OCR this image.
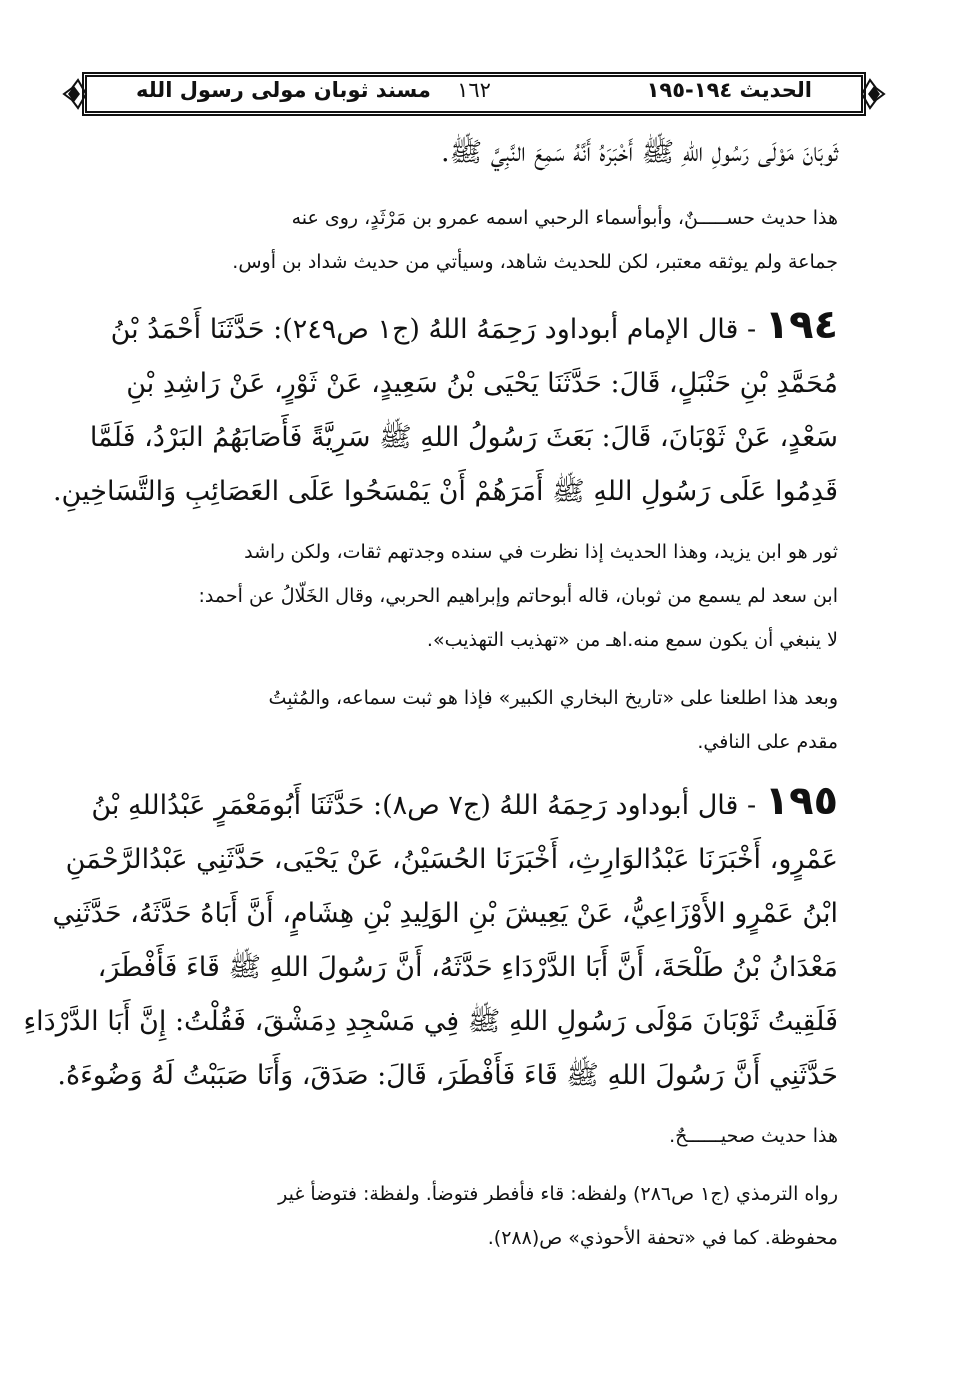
الحديث ١٩٤-١٩٥
١٦٢
مسند ثوبان مولى رسول الله
ثَوبَانَ مَوْلَى رَسُولِ اللهِ ﷺ أَخْبَرَهُ أَنَّهُ سَمِعَ النَّبِيَّ ﷺ.
هذا حديث حســـــنٌ، وأبوأسماء الرحبي اسمه عمرو بن مَرْثَدٍ، روى عنه
جماعة ولم يوثقه معتبر، لكن للحديث شاهد، وسيأتي من حديث شداد بن أوس.
١٩٤ - قال الإمام أبوداود رَحِمَهُ اللهُ (ج١ ص٢٤٩): حَدَّثَنَا أَحْمَدُ بْنُ
مُحَمَّدِ بْنِ حَنْبَلٍ، قَالَ: حَدَّثَنَا يَحْيَى بْنُ سَعِيدٍ، عَنْ ثَوْرٍ، عَنْ رَاشِدِ بْنِ
سَعْدٍ، عَنْ ثَوْبَانَ، قَالَ: بَعَثَ رَسُولُ اللهِ ﷺ سَرِيَّةً فَأَصَابَهُمُ البَرْدُ، فَلَمَّا
قَدِمُوا عَلَى رَسُولِ اللهِ ﷺ أَمَرَهُمْ أَنْ يَمْسَحُوا عَلَى العَصَائِبِ وَالتَّسَاخِينِ.
ثور هو ابن يزيد، وهذا الحديث إذا نظرت في سنده وجدتهم ثقات، ولكن راشد
ابن سعد لم يسمع من ثوبان، قاله أبوحاتم وإبراهيم الحربي، وقال الخَلّالُ عن أحمد:
لا ينبغي أن يكون سمع منه.اهـ من «تهذيب التهذيب».
وبعد هذا اطلعنا على «تاريخ البخاري الكبير» فإذا هو ثبت سماعه، والمُثبِتُ
مقدم على النافي.
١٩٥ - قال أبوداود رَحِمَهُ اللهُ (ج٧ ص٨): حَدَّثَنَا أَبُومَعْمَرٍ عَبْدُاللهِ بْنُ
عَمْرٍو، أَخْبَرَنَا عَبْدُالوَارِثِ، أَخْبَرَنَا الحُسَيْنُ، عَنْ يَحْيَى، حَدَّثَنِي عَبْدُالرَّحْمَنِ
ابْنُ عَمْرٍو الأَوْزَاعِيُّ، عَنْ يَعِيشَ بْنِ الوَلِيدِ بْنِ هِشَامٍ، أَنَّ أَبَاهُ حَدَّثَهُ، حَدَّثَنِي
مَعْدَانُ بْنُ طَلْحَةَ، أَنَّ أَبَا الدَّرْدَاءِ حَدَّثَهُ، أَنَّ رَسُولَ اللهِ ﷺ قَاءَ فَأَفْطَرَ،
فَلَقِيتُ ثَوْبَانَ مَوْلَى رَسُولِ اللهِ ﷺ فِي مَسْجِدِ دِمَشْقَ، فَقُلْتُ: إِنَّ أَبَا الدَّرْدَاءِ
حَدَّثَنِي أَنَّ رَسُولَ اللهِ ﷺ قَاءَ فَأَفْطَرَ، قَالَ: صَدَقَ، وَأَنَا صَبَبْتُ لَهُ وَضُوءَهُ.
هذا حديث صحيــــــحٌ.
رواه الترمذي (ج١ ص٢٨٦) ولفظه: قاء فأفطر فتوضأ. ولفظة: فتوضأ غير
محفوظة. كما في «تحفة الأحوذي» ص(٢٨٨).
